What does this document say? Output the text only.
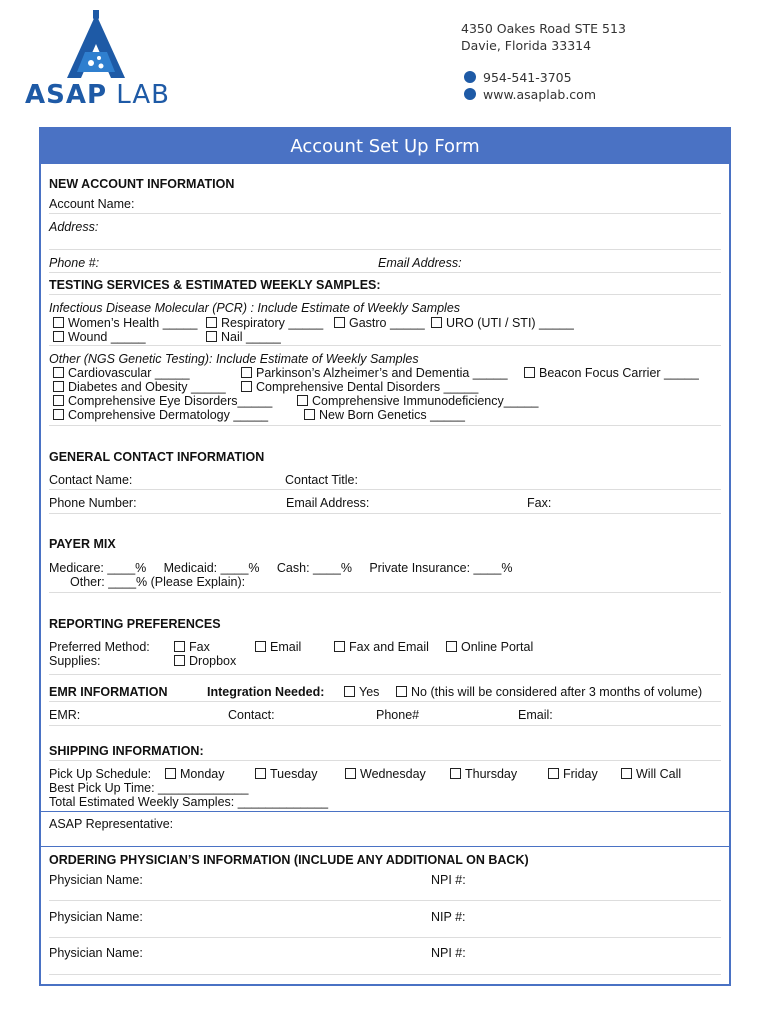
ASAP LAB
4350 Oakes Road STE 513
Davie, Florida 33314
954-541-3705
www.asaplab.com
Account Set Up Form
NEW ACCOUNT INFORMATION
Account Name:
Address:
Phone #:	Email Address:
TESTING SERVICES & ESTIMATED WEEKLY SAMPLES:
Infectious Disease Molecular (PCR) : Include Estimate of Weekly Samples
Women’s Health _____	Respiratory _____	Gastro _____	URO (UTI / STI) _____
Wound _____	Nail _____
Other (NGS Genetic Testing): Include Estimate of Weekly Samples
Cardiovascular _____	Parkinson’s Alzheimer’s and Dementia _____	Beacon Focus Carrier _____
Diabetes and Obesity _____	Comprehensive Dental Disorders _____
Comprehensive Eye Disorders_____	Comprehensive Immunodeficiency_____
Comprehensive Dermatology _____	New Born Genetics _____
GENERAL CONTACT INFORMATION
Contact Name:	Contact Title:
Phone Number:	Email Address:	Fax:
PAYER MIX
Medicare: ____%     Medicaid: ____%     Cash: ____%     Private Insurance: ____%
Other: ____% (Please Explain):
REPORTING PREFERENCES
Preferred Method:	Fax	Email	Fax and Email	Online Portal
Supplies:	Dropbox
EMR INFORMATION	Integration Needed:	Yes	No (this will be considered after 3 months of volume)
EMR:	Contact:	Phone#	Email:
SHIPPING INFORMATION:
Pick Up Schedule:	Monday	Tuesday	Wednesday	Thursday	Friday	Will Call
Best Pick Up Time: _____________
Total Estimated Weekly Samples: _____________
ASAP Representative:
ORDERING PHYSICIAN’S INFORMATION (INCLUDE ANY ADDITIONAL ON BACK)
Physician Name:	NPI #:
Physician Name:	NIP #:
Physician Name:	NPI #:
